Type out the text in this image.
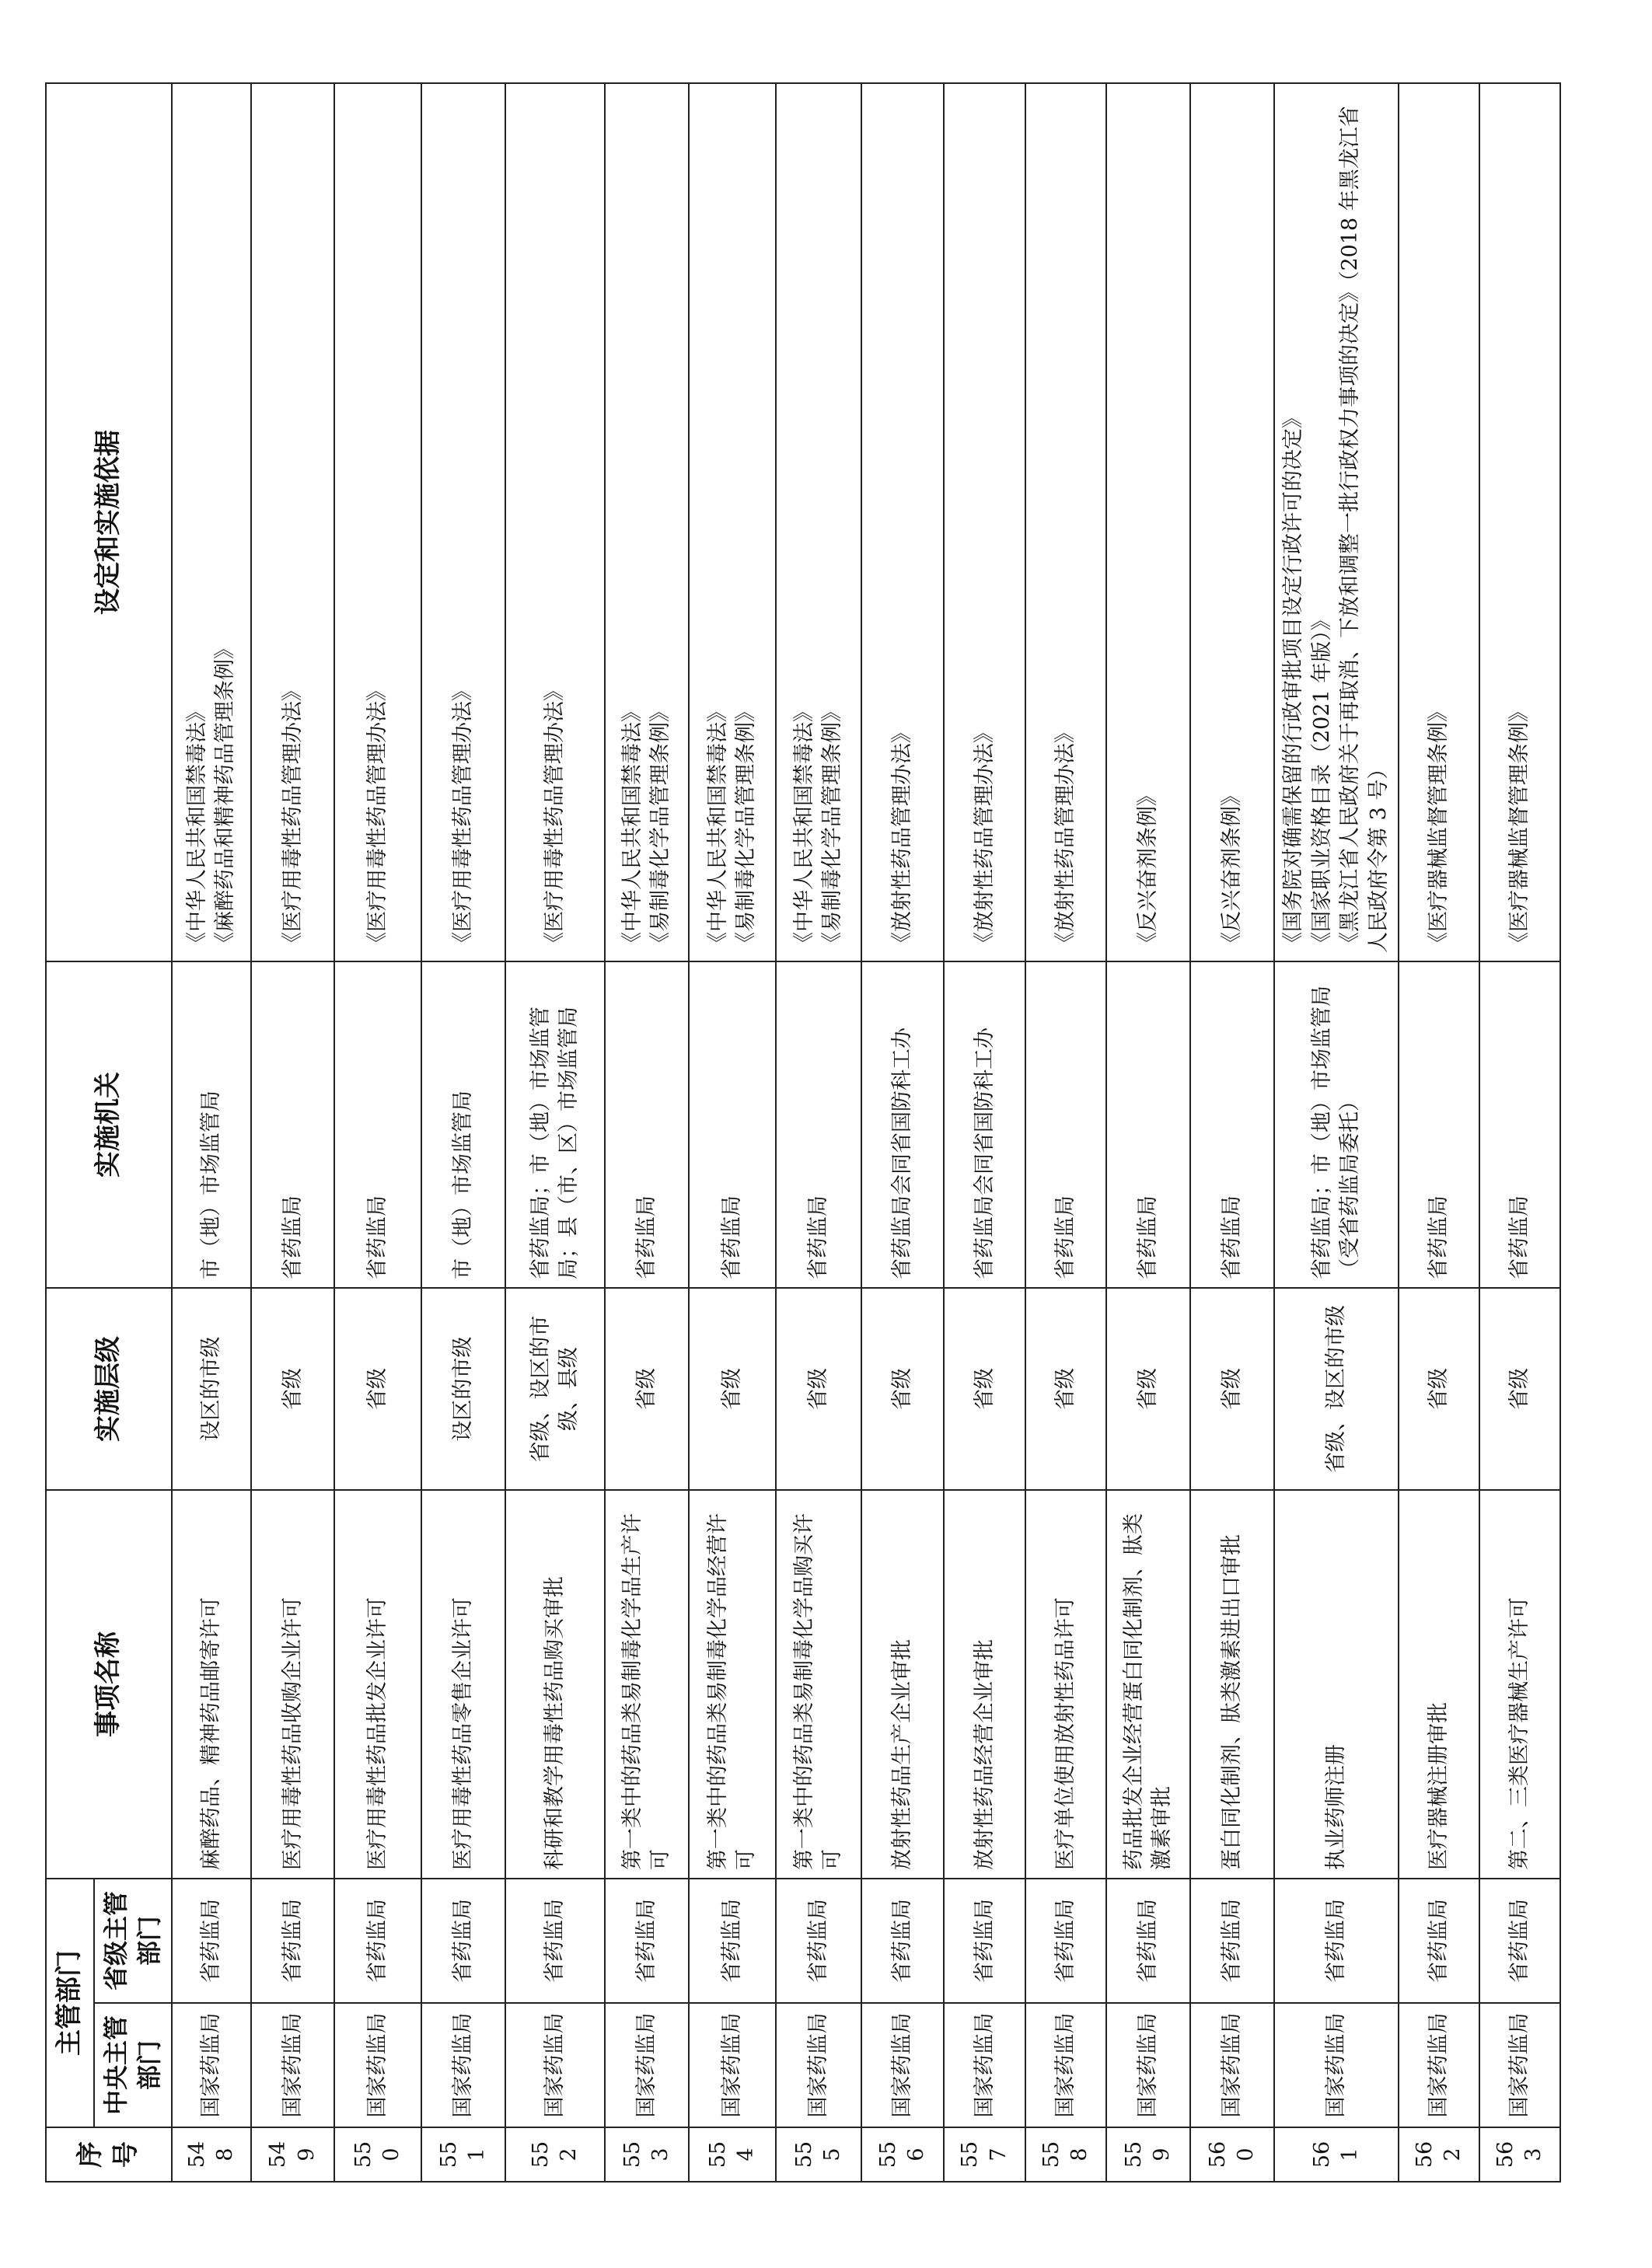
序号	主管部门		事项名称	实施层级	实施机关	设定和实施依据
	中央主管部门	省级主管部门				
548	国家药监局	省药监局	麻醉药品、精神药品邮寄许可	设区的市级	市（地）市场监管局	《中华人民共和国禁毒法》 《麻醉药品和精神药品管理条例》

549	国家药监局	省药监局	医疗用毒性药品收购企业许可	省级	省药监局	《医疗用毒性药品管理办法》

550	国家药监局	省药监局	医疗用毒性药品批发企业许可	省级	省药监局	《医疗用毒性药品管理办法》

551	国家药监局	省药监局	医疗用毒性药品零售企业许可	设区的市级	市（地）市场监管局	《医疗用毒性药品管理办法》

552	国家药监局	省药监局	科研和教学用毒性药品购买审批	省级、设区的市级、县级	省药监局；市（地）市场监管局；县（市、区）市场监管局	《医疗用毒性药品管理办法》

553	国家药监局	省药监局	第一类中的药品类易制毒化学品生产许可	省级	省药监局	《中华人民共和国禁毒法》 《易制毒化学品管理条例》

554	国家药监局	省药监局	第一类中的药品类易制毒化学品经营许可	省级	省药监局	《中华人民共和国禁毒法》 《易制毒化学品管理条例》

555	国家药监局	省药监局	第一类中的药品类易制毒化学品购买许可	省级	省药监局	《中华人民共和国禁毒法》 《易制毒化学品管理条例》

556	国家药监局	省药监局	放射性药品生产企业审批	省级	省药监局会同省国防科工办	《放射性药品管理办法》

557	国家药监局	省药监局	放射性药品经营企业审批	省级	省药监局会同省国防科工办	《放射性药品管理办法》

558	国家药监局	省药监局	医疗单位使用放射性药品许可	省级	省药监局	《放射性药品管理办法》

559	国家药监局	省药监局	药品批发企业经营蛋白同化制剂、肽类激素审批	省级	省药监局	《反兴奋剂条例》

560	国家药监局	省药监局	蛋白同化制剂、肽类激素进出口审批	省级	省药监局	《反兴奋剂条例》

561	国家药监局	省药监局	执业药师注册	省级、设区的市级	省药监局；市（地）市场监管局（受省药监局委托）	《国务院对确需保留的行政审批项目设定行政许可的决定》 《国家职业资格目录（2021 年版）》 《黑龙江省人民政府关于再取消、下放和调整一批行政权力事项的决定》（2018 年黑龙江省人民政府令第 3 号）

562	国家药监局	省药监局	医疗器械注册审批	省级	省药监局	《医疗器械监督管理条例》

563	国家药监局	省药监局	第二、三类医疗器械生产许可	省级	省药监局	《医疗器械监督管理条例》
